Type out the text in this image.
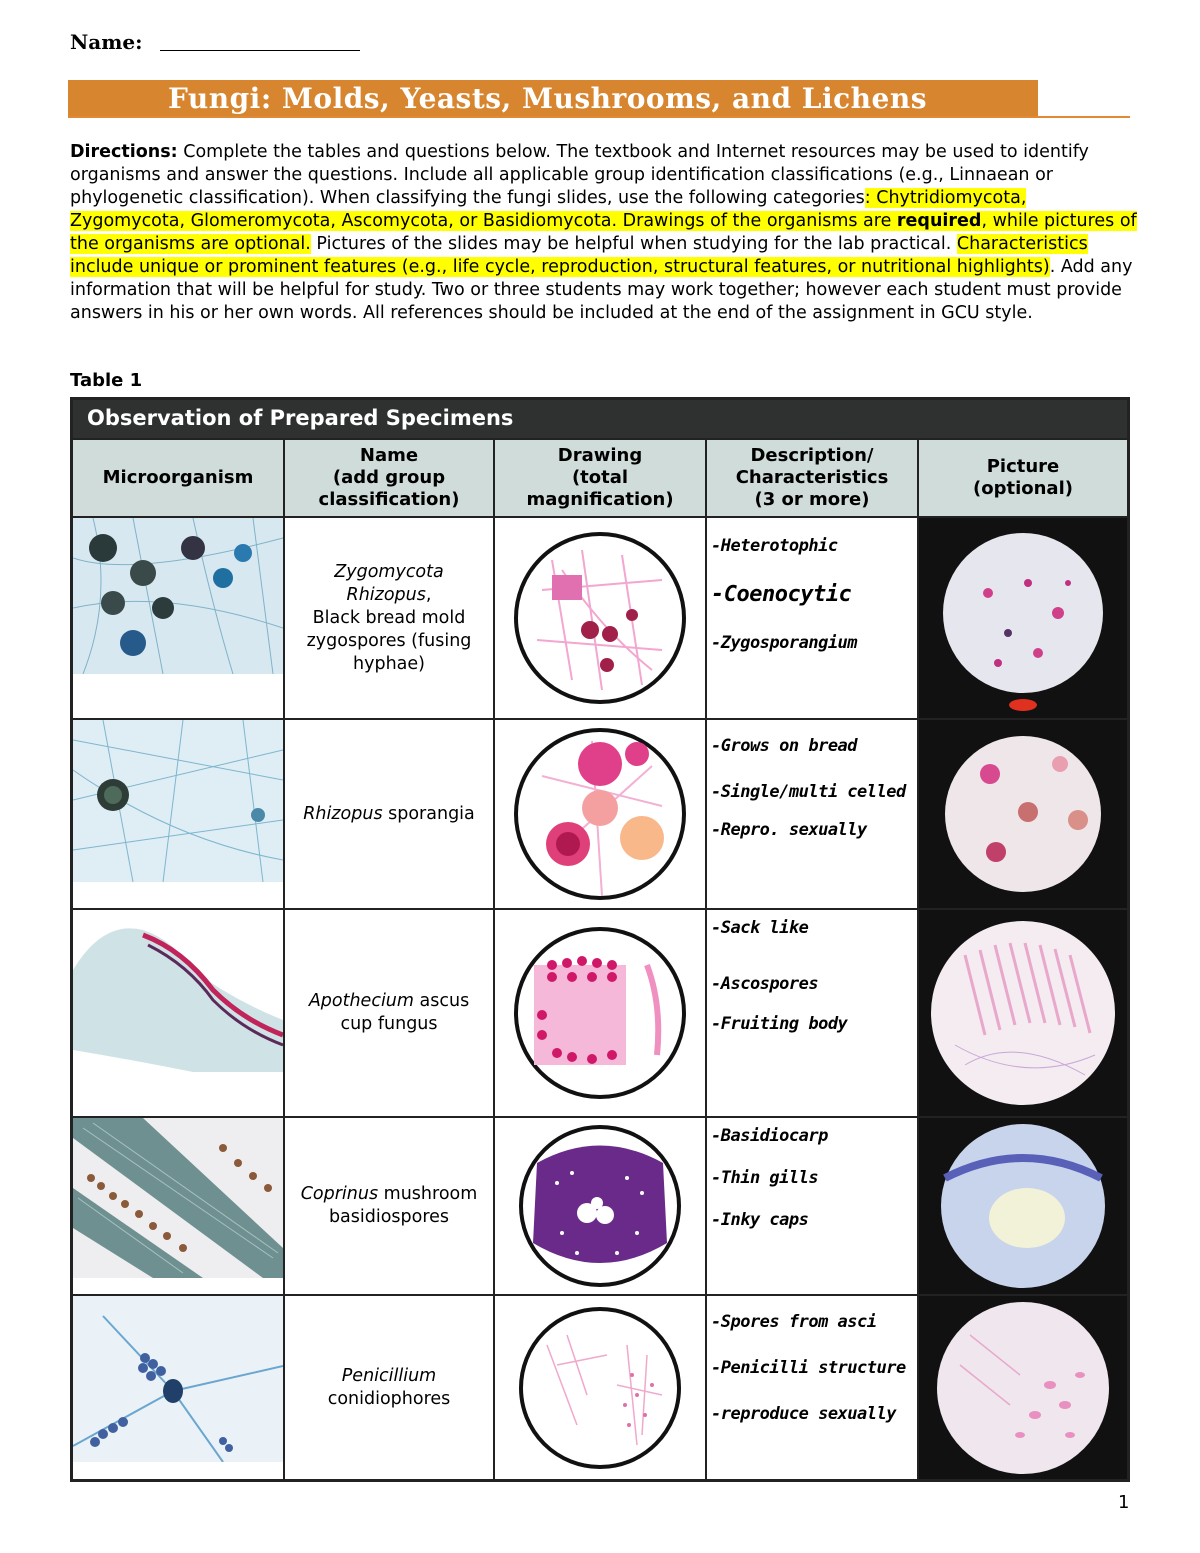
Name:
Fungi: Molds, Yeasts, Mushrooms, and Lichens
Directions: Complete the tables and questions below. The textbook and Internet resources may be used to identify organisms and answer the questions. Include all applicable group identification classifications (e.g., Linnaean or phylogenetic classification). When classifying the fungi slides, use the following categories: Chytridiomycota, Zygomycota, Glomeromycota, Ascomycota, or Basidiomycota. Drawings of the organisms are required, while pictures of the organisms are optional. Pictures of the slides may be helpful when studying for the lab practical. Characteristics include unique or prominent features (e.g., life cycle, reproduction, structural features, or nutritional highlights). Add any information that will be helpful for study. Two or three students may work together; however each student must provide answers in his or her own words. All references should be included at the end of the assignment in GCU style.
Table 1
Observation of Prepared Specimens
Microorganism
Name
(add group
classification)
Drawing
(total
magnification)
Description/
Characteristics
(3 or more)
Picture
(optional)
Zygomycota
Rhizopus,
Black bread mold
zygospores (fusing
hyphae)
-Heterotophic
-Coenocytic
-Zygosporangium
Rhizopus sporangia
-Grows on bread
-Single/multi celled
-Repro. sexually
Apothecium ascus
cup fungus
-Sack like
-Ascospores
-Fruiting body
Coprinus mushroom
basidiospores
-Basidiocarp
-Thin gills
-Inky caps
Penicillium
conidiophores
-Spores from asci
-Penicilli structure
-reproduce sexually
1
